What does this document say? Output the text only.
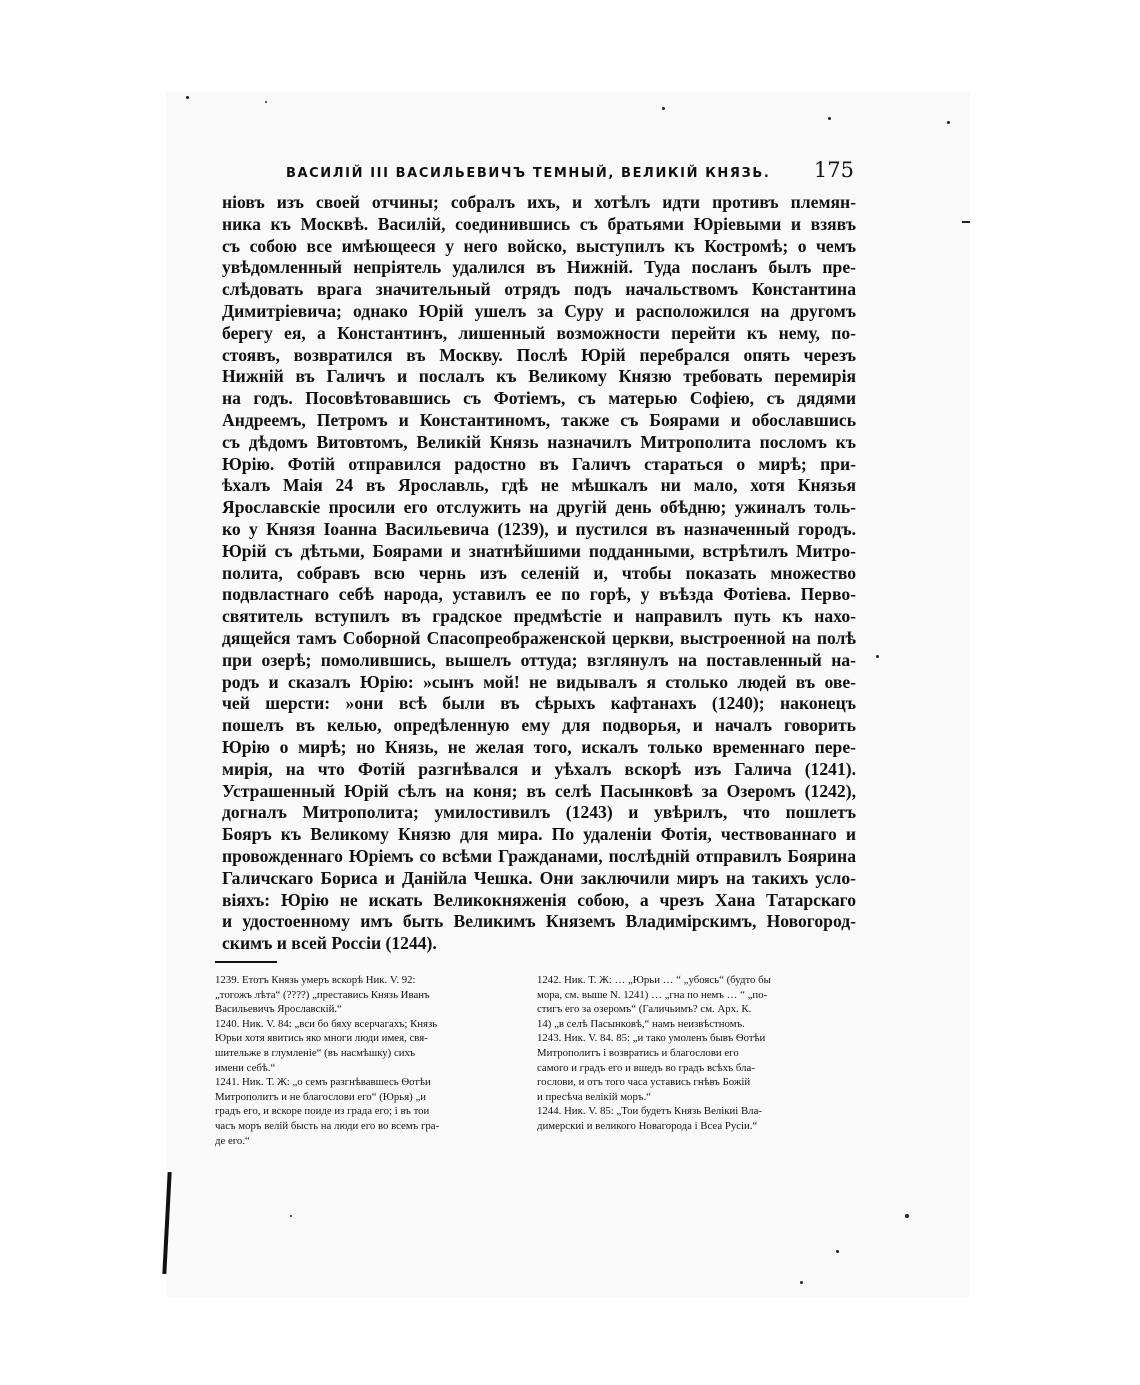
ВАСИЛІЙ III ВАСИЛЬЕВИЧЪ ТЕМНЫЙ, ВЕЛИКІЙ КНЯЗЬ. 175
ніовъ изъ своей отчины; собралъ ихъ, и хотѣлъ идти противъ племян-
ника къ Москвѣ. Василій, соединившись съ братьями Юріевыми и взявъ
съ собою все имѣющееся у него войско, выступилъ къ Костромѣ; о чемъ
увѣдомленный непріятель удалился въ Нижній. Туда посланъ былъ пре-
слѣдовать врага значительный отрядъ подъ начальствомъ Константина
Димитріевича; однако Юрій ушелъ за Суру и расположился на другомъ
берегу ея, а Константинъ, лишенный возможности перейти къ нему, по-
стоявъ, возвратился въ Москву. Послѣ Юрій перебрался опять черезъ
Нижній въ Галичъ и послалъ къ Великому Князю требовать перемирія
на годъ. Посовѣтовавшись съ Фотіемъ, съ матерью Софіею, съ дядями
Андреемъ, Петромъ и Константиномъ, также съ Боярами и обославшись
съ дѣдомъ Витовтомъ, Великій Князь назначилъ Митрополита посломъ къ
Юрію. Фотій отправился радостно въ Галичъ стараться о мирѣ; при-
ѣхалъ Маія 24 въ Ярославль, гдѣ не мѣшкалъ ни мало, хотя Князья
Ярославскіе просили его отслужить на другій день обѣдню; ужиналъ толь-
ко у Князя Іоанна Васильевича (1239), и пустился въ назначенный городъ.
Юрій съ дѣтьми, Боярами и знатнѣйшими подданными, встрѣтилъ Митро-
полита, собравъ всю чернь изъ селеній и, чтобы показать множество
подвластнаго себѣ народа, уставилъ ее по горѣ, у въѣзда Фотіева. Перво-
святитель вступилъ въ градское предмѣстіе и направилъ путь къ нахо-
дящейся тамъ Соборной Спасопреображенской церкви, выстроенной на полѣ
при озерѣ; помолившись, вышелъ оттуда; взглянулъ на поставленный на-
родъ и сказалъ Юрію: »сынъ мой! не видывалъ я столько людей въ ове-
чей шерсти: »они всѣ были въ сѣрыхъ кафтанахъ (1240); наконецъ
пошелъ въ келью, опредѣленную ему для подворья, и началъ говорить
Юрію о мирѣ; но Князь, не желая того, искалъ только временнаго пере-
мирія, на что Фотій разгнѣвался и уѣхалъ вскорѣ изъ Галича (1241).
Устрашенный Юрій сѣлъ на коня; въ селѣ Пасынковѣ за Озеромъ (1242),
догналъ Митрополита; умилостивилъ (1243) и увѣрилъ, что пошлетъ
Бояръ къ Великому Князю для мира. По удаленіи Фотія, чествованнаго и
провожденнаго Юріемъ со всѣми Гражданами, послѣдній отправилъ Боярина
Галичскаго Бориса и Данійла Чешка. Они заключили миръ на такихъ усло-
віяхъ: Юрію не искать Великокняженія собою, а чрезъ Хана Татарскаго
и удостоенному имъ быть Великимъ Княземъ Владимірскимъ, Новогород-
скимъ и всей Россіи (1244).
1239. Етотъ Князь умеръ вскорѣ Ник. V. 92:
„тогожъ лѣта“ (????) „преставись Князь Иванъ
Васильевичъ Ярославскій.“
1240. Ник. V. 84: „вси бо бяху всерчагахъ; Князь
Юрьи хотя явитись яко многи люди имея, свя-
шительже в глумленіе“ (въ насмѣшку) сихъ
имени себѣ.“
1241. Ник. Т. Ж: „о семъ разгнѣвавшесь Ѳотѣи
Митрополитъ и не благослови его“ (Юрья) „и
градъ его, и вскоре поиде из града его; і въ тои
часъ моръ велій бысть на люди его во всемъ гра-
де его.“
1242. Ник. Т. Ж: … „Юрьи … “ „убоясь“ (будто бы
мора, см. выше N. 1241) … „гна по немъ … “ „по-
стигъ его за озеромъ“ (Галичьимъ? см. Арх. К.
14) „в селѣ Пасынковѣ,“ намъ неизвѣстномъ.
1243. Ник. V. 84. 85: „и тако умоленъ бывъ Ѳотѣи
Митрополитъ і возвратись и благослови его
самого и градъ его и вшедъ во градъ всѣхъ бла-
гослови, и отъ того часа уставись гнѣвъ Божій
и пресѣча велікій моръ.“
1244. Ник. V. 85: „Тои будетъ Князь Велікиі Вла-
димерскиі и великого Новагорода і Всеа Русіи.“
